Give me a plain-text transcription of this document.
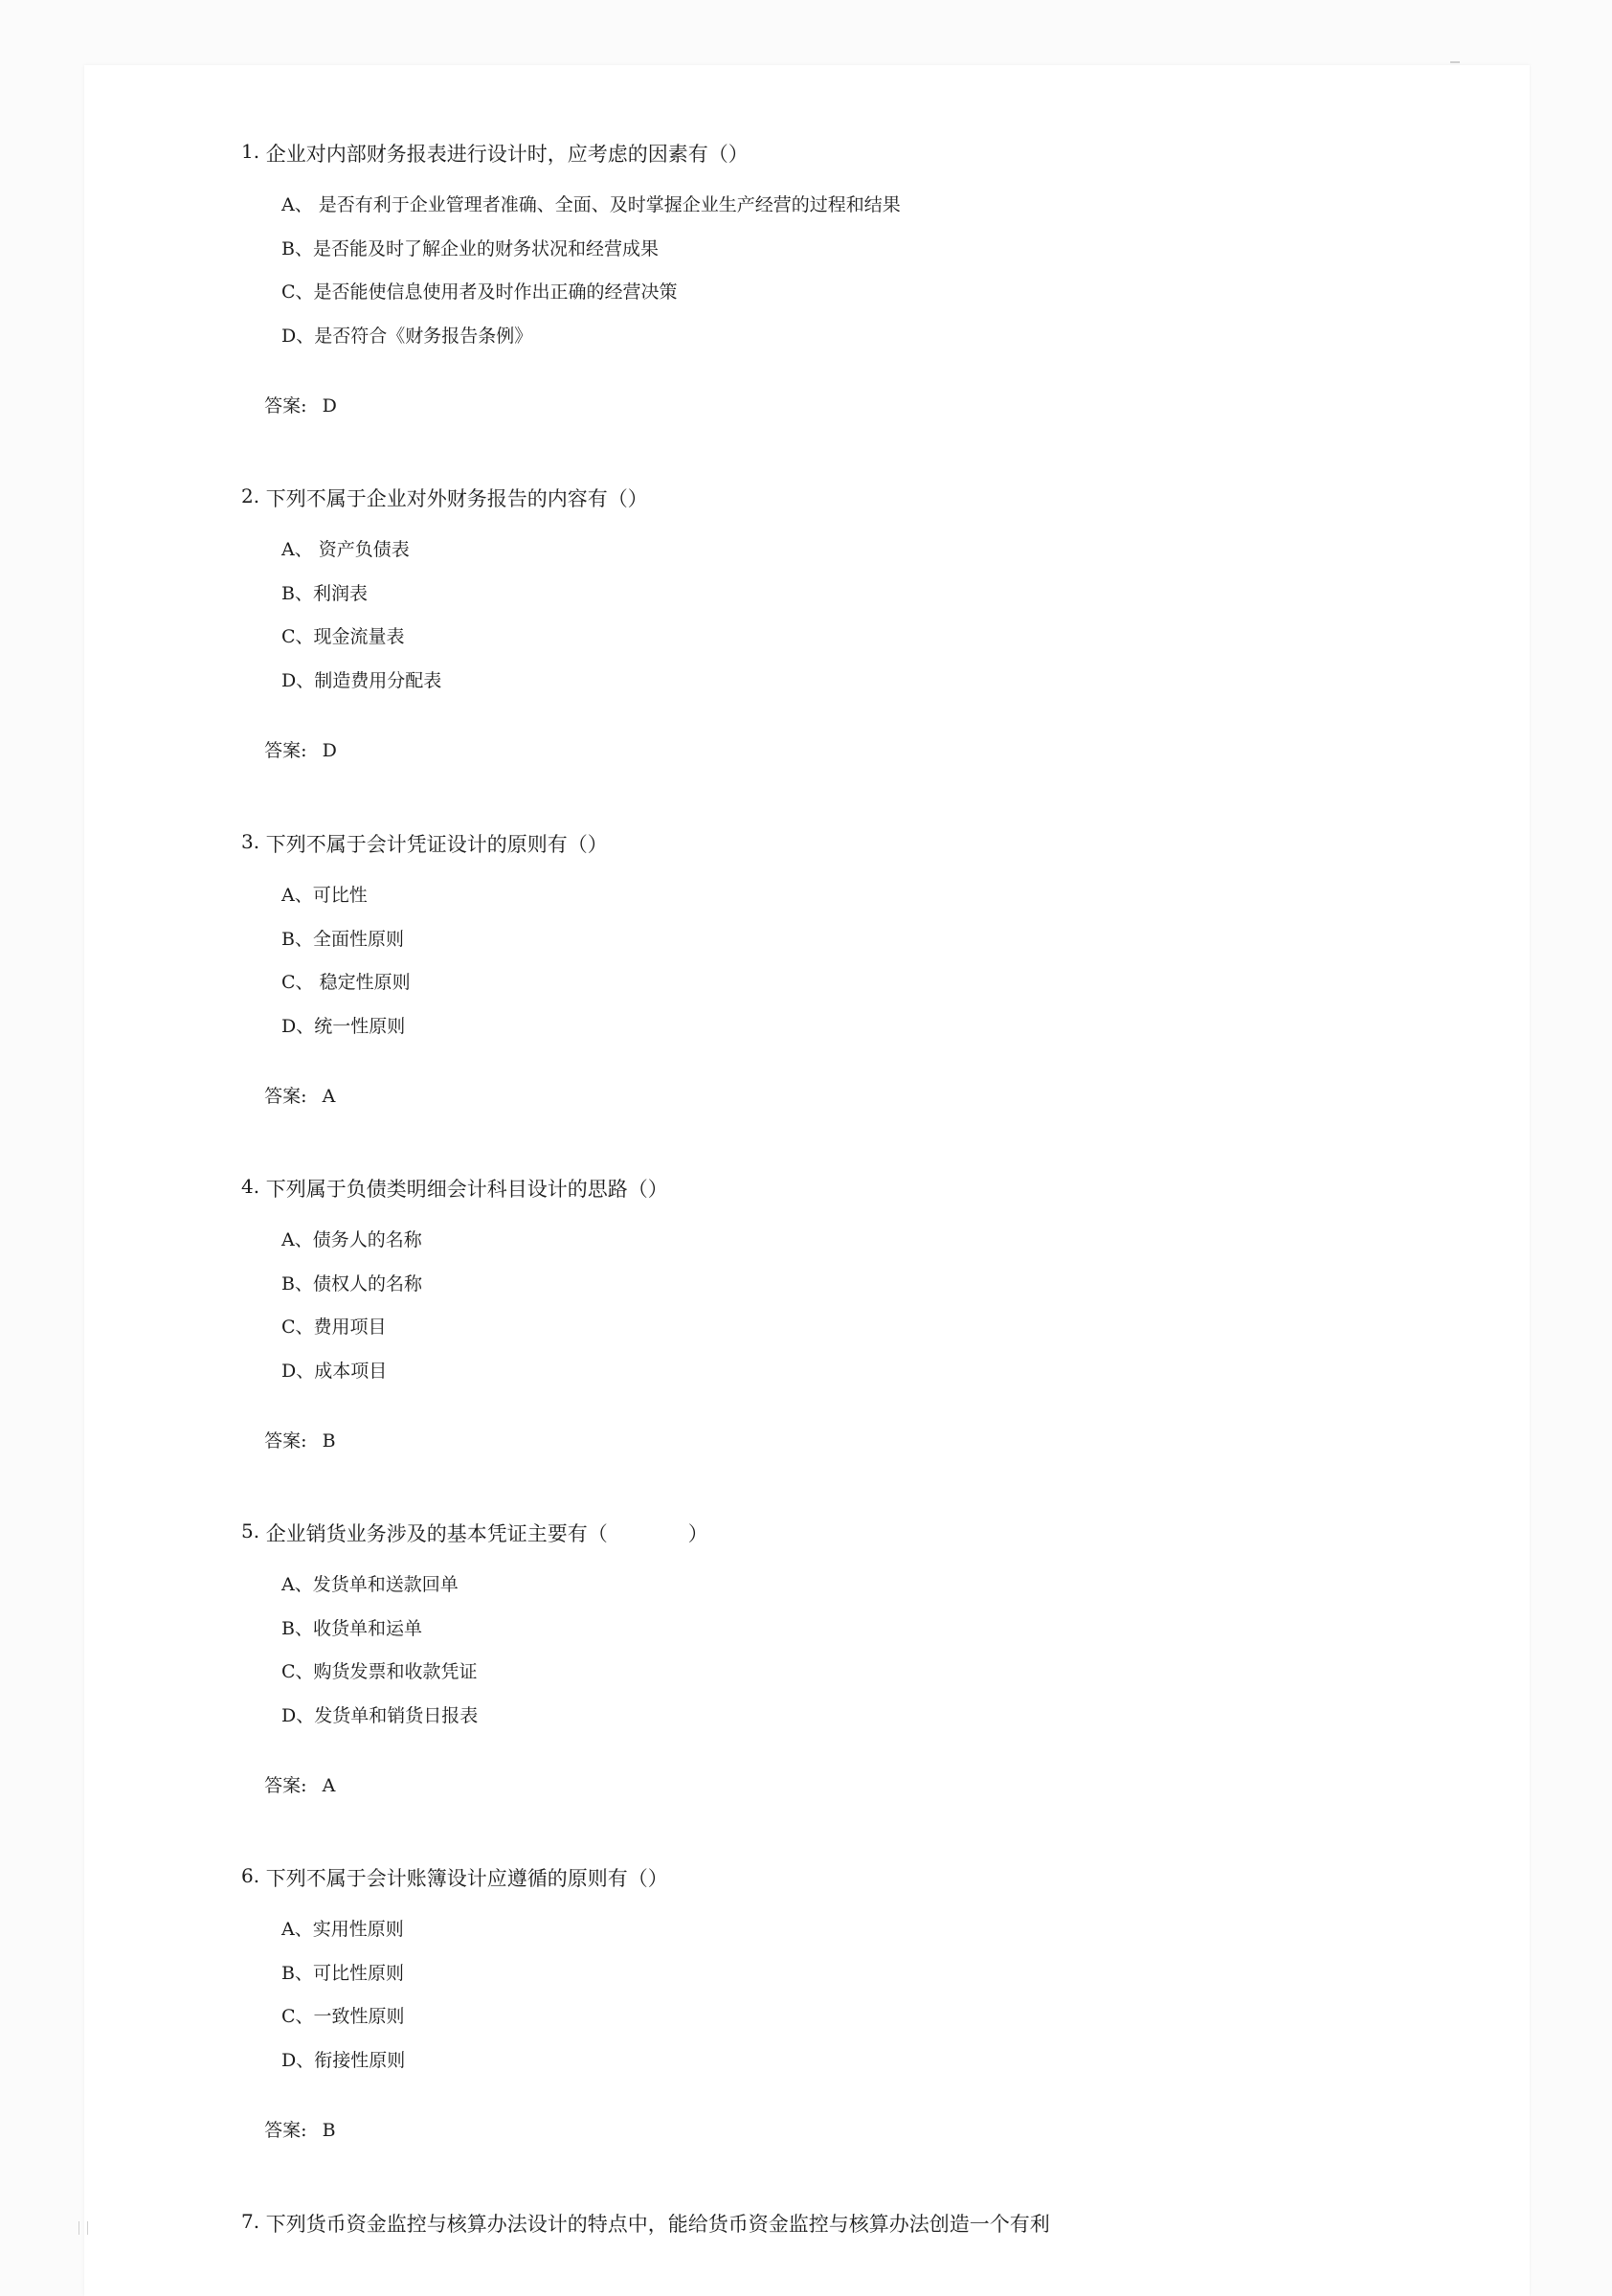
1. 企业对内部财务报表进行设计时，应考虑的因素有（）
A、 是否有利于企业管理者准确、全面、及时掌握企业生产经营的过程和结果
B、是否能及时了解企业的财务状况和经营成果
C、是否能使信息使用者及时作出正确的经营决策
D、是否符合《财务报告条例》

答案: D

2. 下列不属于企业对外财务报告的内容有（）
A、 资产负债表
B、利润表
C、现金流量表
D、制造费用分配表

答案: D

3. 下列不属于会计凭证设计的原则有（）
A、可比性
B、全面性原则
C、 稳定性原则
D、统一性原则

答案: A

4. 下列属于负债类明细会计科目设计的思路（）
A、债务人的名称
B、债权人的名称
C、费用项目
D、成本项目

答案: B

5. 企业销货业务涉及的基本凭证主要有（　　　　）
A、发货单和送款回单
B、收货单和运单
C、购货发票和收款凭证
D、发货单和销货日报表

答案: A

6. 下列不属于会计账簿设计应遵循的原则有（）
A、实用性原则
B、可比性原则
C、一致性原则
D、衔接性原则

答案: B

7. 下列货币资金监控与核算办法设计的特点中，能给货币资金监控与核算办法创造一个有利
